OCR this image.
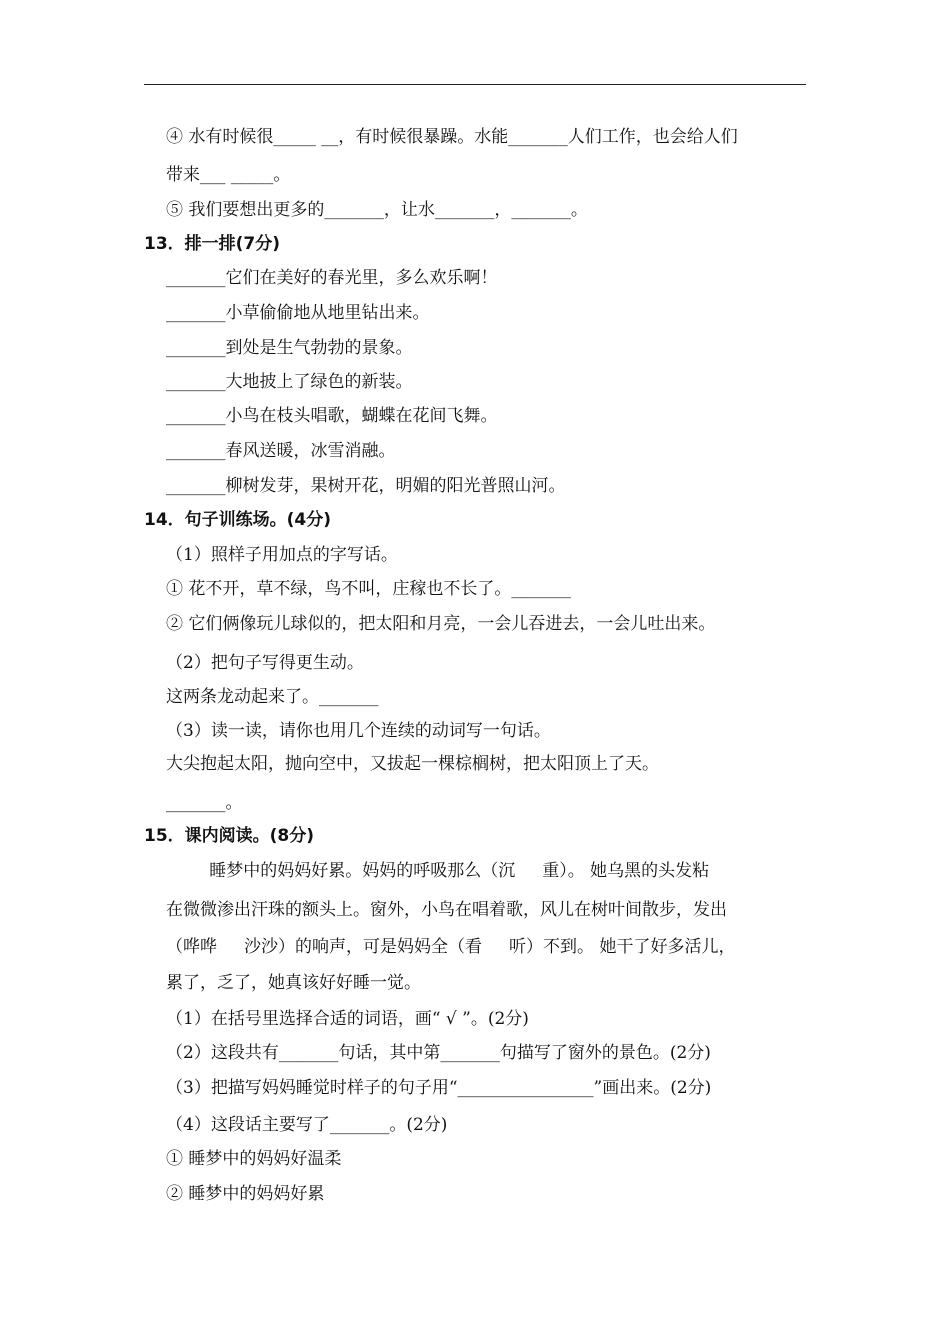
④ 水有时候很_____ __，有时候很暴躁。水能_______人们工作，也会给人们
带来___ _____。
⑤ 我们要想出更多的_______，让水_______，_______。
13．排一排(7分)
_______它们在美好的春光里，多么欢乐啊！
_______小草偷偷地从地里钻出来。
_______到处是生气勃勃的景象。
_______大地披上了绿色的新装。
_______小鸟在枝头唱歌，蝴蝶在花间飞舞。
_______春风送暖，冰雪消融。
_______柳树发芽，果树开花，明媚的阳光普照山河。
14．句子训练场。(4分)
（1）照样子用加点的字写话。
① 花不开，草不绿，鸟不叫，庄稼也不长了。_______
② 它们俩像玩儿球似的，把太阳和月亮，一会儿吞进去，一会儿吐出来。
（2）把句子写得更生动。
这两条龙动起来了。_______
（3）读一读，请你也用几个连续的动词写一句话。
大尖抱起太阳，抛向空中，又拔起一棵棕榈树，把太阳顶上了天。
_______。
15．课内阅读。(8分)
睡梦中的妈妈好累。妈妈的呼吸那么（沉     重）。 她乌黑的头发粘
在微微渗出汗珠的额头上。窗外，小鸟在唱着歌，风儿在树叶间散步，发出
（哗哗     沙沙）的响声，可是妈妈全（看     听）不到。 她干了好多活儿，
累了，乏了，她真该好好睡一觉。
（1）在括号里选择合适的词语，画“ √ ”。(2分)
（2）这段共有_______句话，其中第_______句描写了窗外的景色。(2分)
（3）把描写妈妈睡觉时样子的句子用“________________”画出来。(2分)
（4）这段话主要写了_______。(2分)
① 睡梦中的妈妈好温柔
② 睡梦中的妈妈好累
